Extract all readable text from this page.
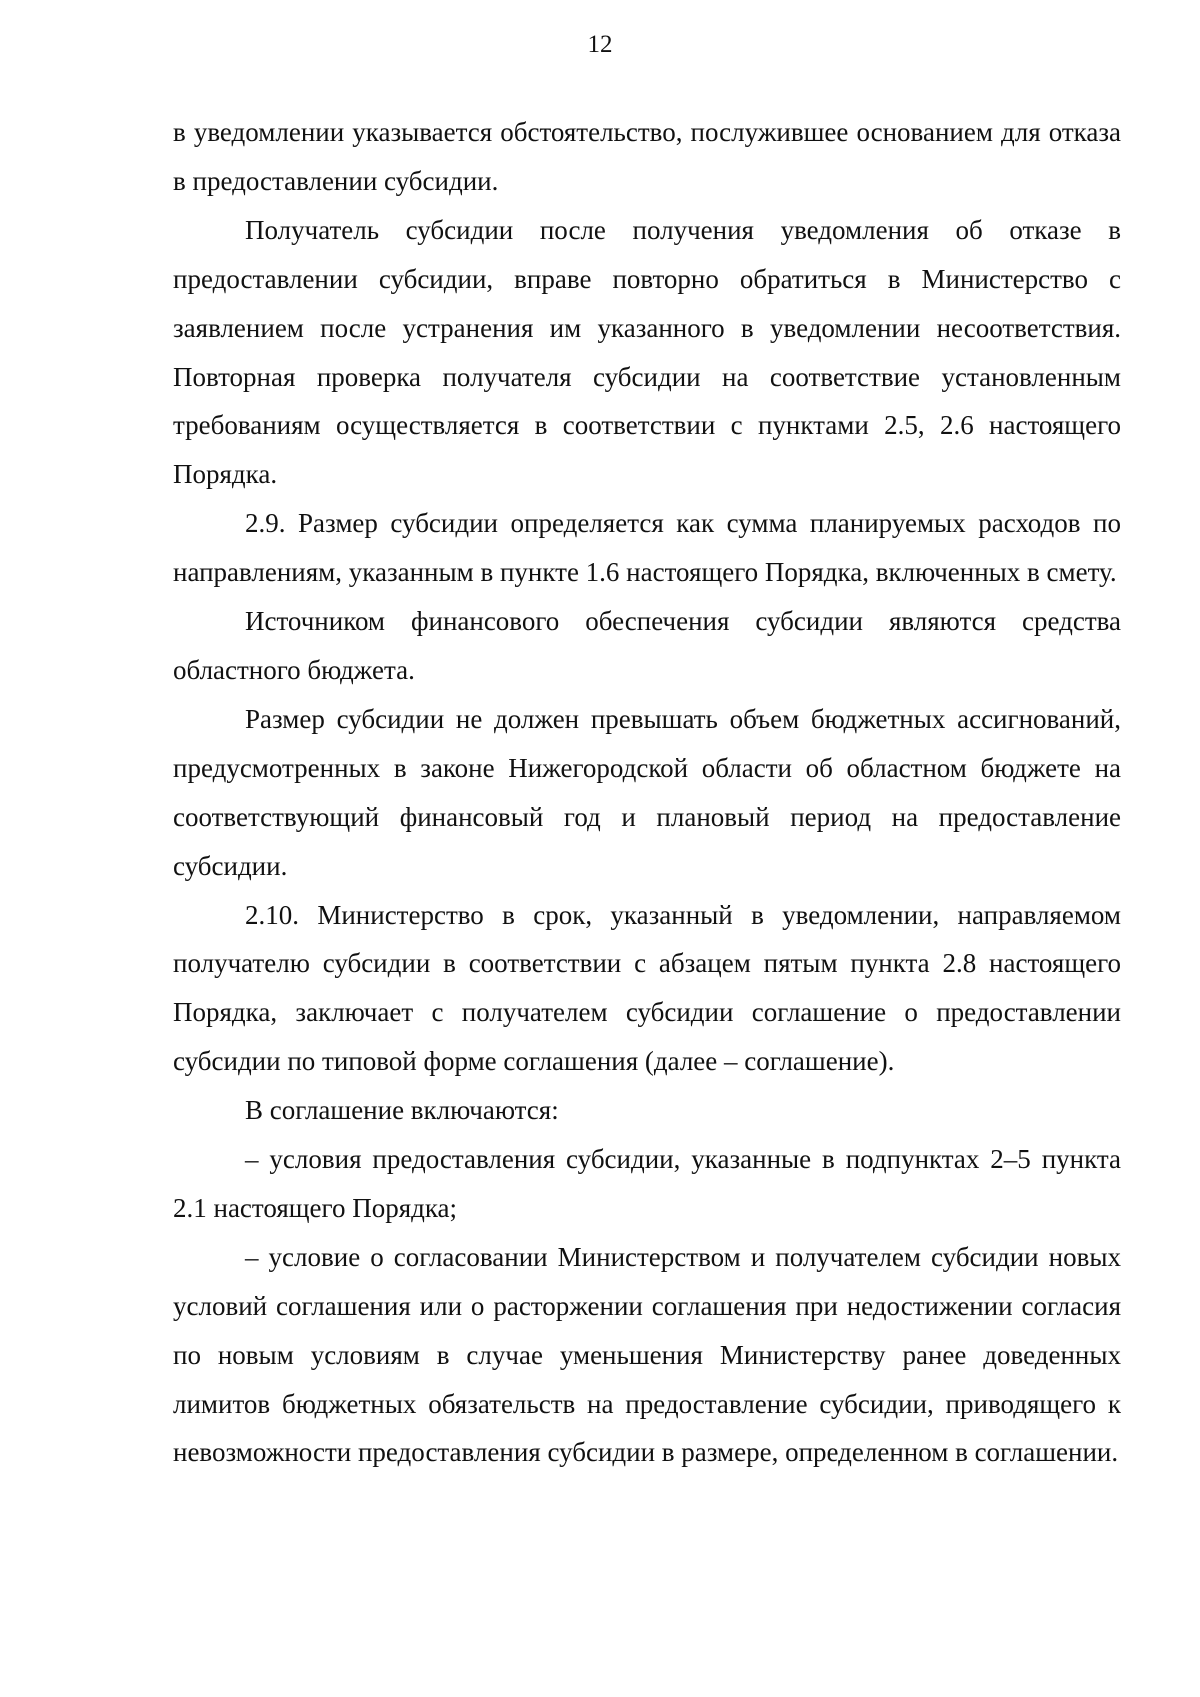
12

в уведомлении указывается обстоятельство, послужившее основанием для отказа в предоставлении субсидии.

Получатель субсидии после получения уведомления об отказе в предоставлении субсидии, вправе повторно обратиться в Министерство с заявлением после устранения им указанного в уведомлении несоответствия. Повторная проверка получателя субсидии на соответствие установленным требованиям осуществляется в соответствии с пунктами 2.5, 2.6 настоящего Порядка.

2.9. Размер субсидии определяется как сумма планируемых расходов по направлениям, указанным в пункте 1.6 настоящего Порядка, включенных в смету.

Источником финансового обеспечения субсидии являются средства областного бюджета.

Размер субсидии не должен превышать объем бюджетных ассигнований, предусмотренных в законе Нижегородской области об областном бюджете на соответствующий финансовый год и плановый период на предоставление субсидии.

2.10. Министерство в срок, указанный в уведомлении, направляемом получателю субсидии в соответствии с абзацем пятым пункта 2.8 настоящего Порядка, заключает с получателем субсидии соглашение о предоставлении субсидии по типовой форме соглашения (далее – соглашение).

В соглашение включаются:

– условия предоставления субсидии, указанные в подпунктах 2–5 пункта 2.1 настоящего Порядка;

– условие о согласовании Министерством и получателем субсидии новых условий соглашения или о расторжении соглашения при недостижении согласия по новым условиям в случае уменьшения Министерству ранее доведенных лимитов бюджетных обязательств на предоставление субсидии, приводящего к невозможности предоставления субсидии в размере, определенном в соглашении.
